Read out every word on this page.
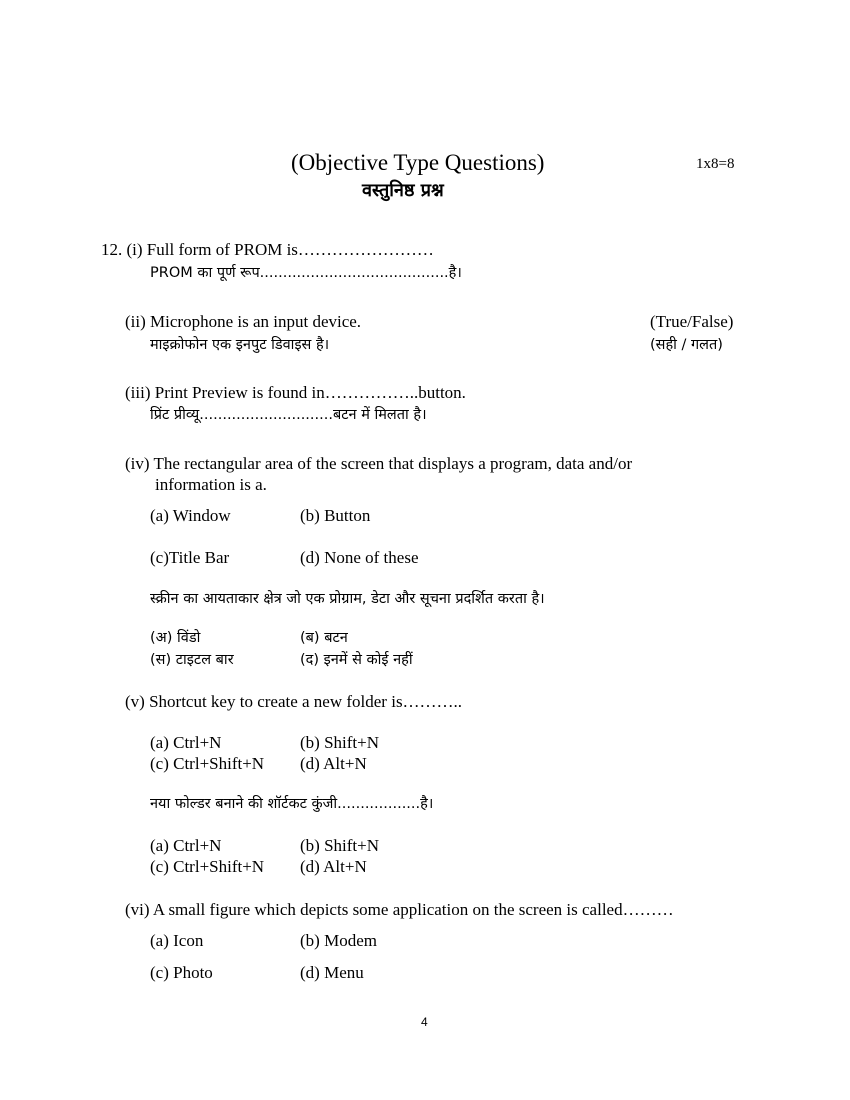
(Objective Type Questions)	1x8=8
वस्तुनिष्ठ प्रश्न
12. (i) Full form of PROM is……………………
PROM का पूर्ण रूप.........................................है।
(ii) Microphone is an input device.	(True/False)
माइक्रोफोन एक इनपुट डिवाइस है।	(सही / गलत)
(iii) Print Preview is found in……………..button.
प्रिंट प्रीव्यू.............................बटन में मिलता है।
(iv) The rectangular area of the screen that displays a program, data and/or
information is a.
(a) Window	(b) Button
(c)Title Bar	(d) None of these
स्क्रीन का आयताकार क्षेत्र जो एक प्रोग्राम, डेटा और सूचना प्रदर्शित करता है।
(अ) विंडो	(ब) बटन
(स) टाइटल बार	(द) इनमें से कोई नहीं
(v) Shortcut key to create a new folder is………..
(a) Ctrl+N	(b) Shift+N
(c) Ctrl+Shift+N (d) Alt+N
नया फोल्डर बनाने की शॉर्टकट कुंजी..................है।
(a) Ctrl+N	(b) Shift+N
(c) Ctrl+Shift+N (d) Alt+N
(vi) A small figure which depicts some application on the screen is called………
(a) Icon	(b) Modem
(c) Photo	(d) Menu
4
